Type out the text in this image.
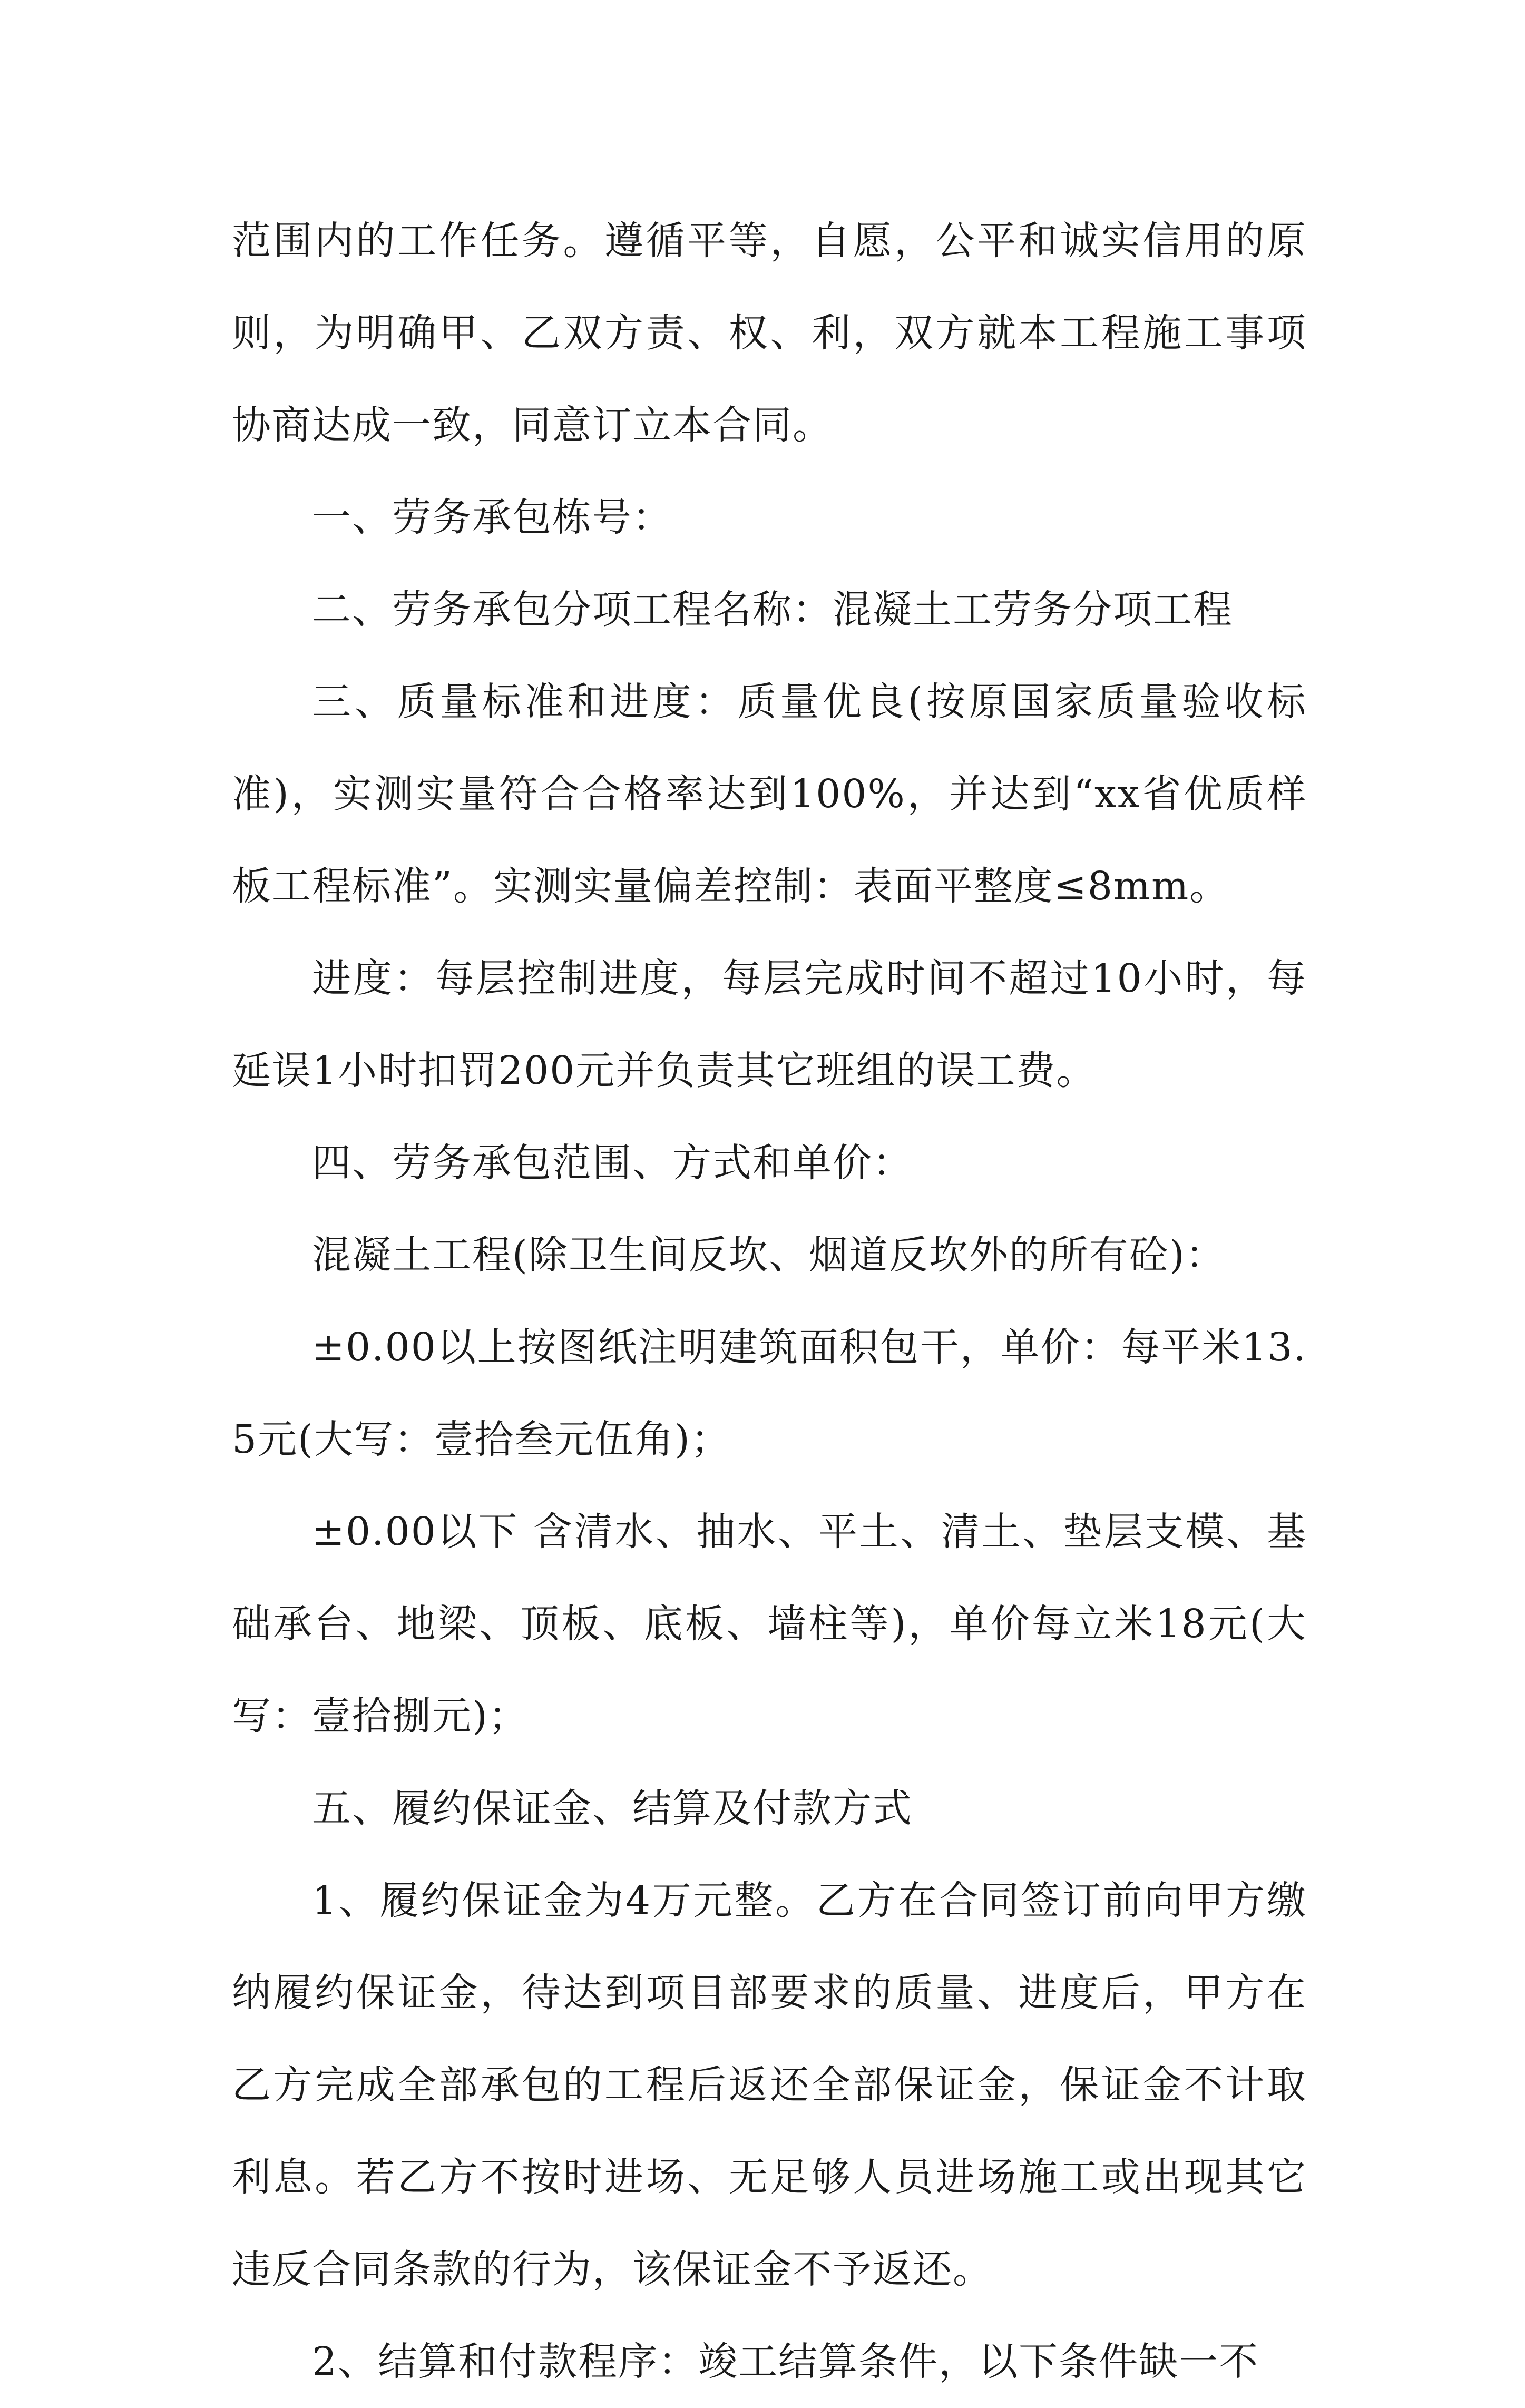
范围内的工作任务。遵循平等，自愿，公平和诚实信用的原则，为明确甲、乙双方责、权、利，双方就本工程施工事项协商达成一致，同意订立本合同。

一、劳务承包栋号：

二、劳务承包分项工程名称：混凝土工劳务分项工程

三、质量标准和进度：质量优良(按原国家质量验收标准)，实测实量符合合格率达到100%，并达到“xx省优质样板工程标准”。实测实量偏差控制：表面平整度≤8mm。

进度：每层控制进度，每层完成时间不超过10小时，每延误1小时扣罚200元并负责其它班组的误工费。

四、劳务承包范围、方式和单价：

混凝土工程(除卫生间反坎、烟道反坎外的所有砼)：

±0.00以上按图纸注明建筑面积包干，单价：每平米13.5元(大写：壹拾叁元伍角)；

±0.00以下 含清水、抽水、平土、清土、垫层支模、基础承台、地梁、顶板、底板、墙柱等)，单价每立米18元(大写：壹拾捌元)；

五、履约保证金、结算及付款方式

1、履约保证金为4万元整。乙方在合同签订前向甲方缴纳履约保证金，待达到项目部要求的质量、进度后，甲方在乙方完成全部承包的工程后返还全部保证金，保证金不计取利息。若乙方不按时进场、无足够人员进场施工或出现其它违反合同条款的行为，该保证金不予返还。

2、结算和付款程序：竣工结算条件，以下条件缺一不
